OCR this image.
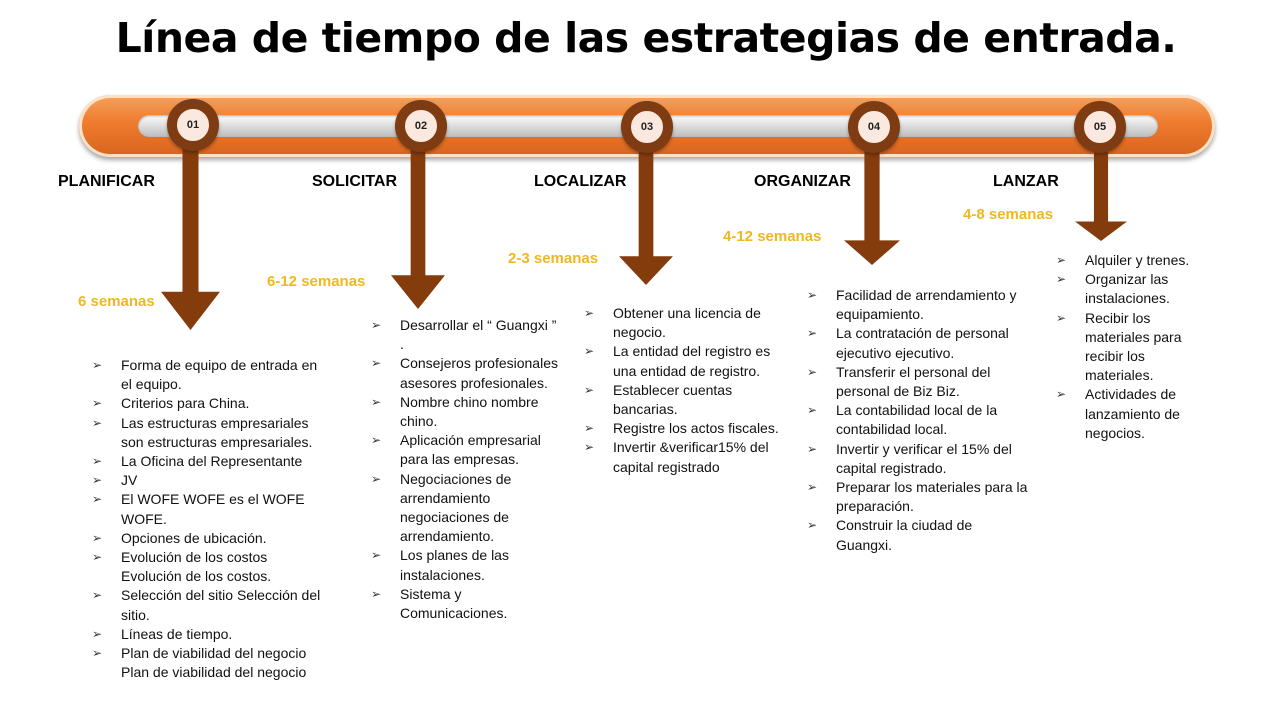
Línea de tiempo de las estrategias de entrada.
01	02	03	04	05
PLANIFICAR	SOLICITAR	LOCALIZAR	ORGANIZAR	LANZAR
6 semanas
6-12 semanas
2-3 semanas
4-12 semanas
4-8 semanas
➢ Forma de equipo de entrada en el equipo.
➢ Criterios para China.
➢ Las estructuras empresariales son estructuras empresariales.
➢ La Oficina del Representante
➢ JV
➢ El WOFE WOFE es el WOFE WOFE.
➢ Opciones de ubicación.
➢ Evolución de los costos Evolución de los costos.
➢ Selección del sitio Selección del sitio.
➢ Líneas de tiempo.
➢ Plan de viabilidad del negocio Plan de viabilidad del negocio
➢ Desarrollar el “ Guangxi ” .
➢ Consejeros profesionales asesores profesionales.
➢ Nombre chino nombre chino.
➢ Aplicación empresarial para las empresas.
➢ Negociaciones de arrendamiento negociaciones de arrendamiento.
➢ Los planes de las instalaciones.
➢ Sistema y Comunicaciones.
➢ Obtener una licencia de negocio.
➢ La entidad del registro es una entidad de registro.
➢ Establecer cuentas bancarias.
➢ Registre los actos fiscales.
➢ Invertir &verificar15% del capital registrado
➢ Facilidad de arrendamiento y equipamiento.
➢ La contratación de personal ejecutivo ejecutivo.
➢ Transferir el personal del personal de Biz Biz.
➢ La contabilidad local de la contabilidad local.
➢ Invertir y verificar el 15% del capital registrado.
➢ Preparar los materiales para la preparación.
➢ Construir la ciudad de Guangxi.
➢ Alquiler y trenes.
➢ Organizar las instalaciones.
➢ Recibir los materiales para recibir los materiales.
➢ Actividades de lanzamiento de negocios.
